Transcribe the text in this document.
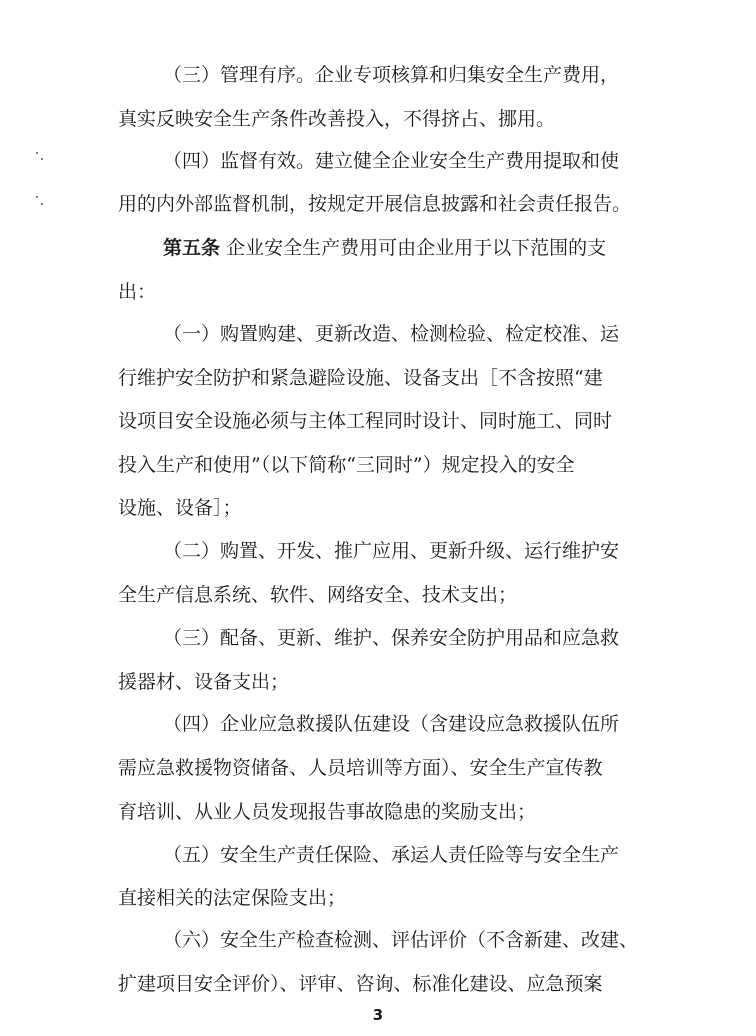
（三）管理有序。企业专项核算和归集安全生产费用，
真实反映安全生产条件改善投入，不得挤占、挪用。
（四）监督有效。建立健全企业安全生产费用提取和使
用的内外部监督机制，按规定开展信息披露和社会责任报告。
第五条 企业安全生产费用可由企业用于以下范围的支
出：
（一）购置购建、更新改造、检测检验、检定校准、运
行维护安全防护和紧急避险设施、设备支出［不含按照“建
设项目安全设施必须与主体工程同时设计、同时施工、同时
投入生产和使用”（以下简称“三同时”）规定投入的安全
设施、设备］；
（二）购置、开发、推广应用、更新升级、运行维护安
全生产信息系统、软件、网络安全、技术支出；
（三）配备、更新、维护、保养安全防护用品和应急救
援器材、设备支出；
（四）企业应急救援队伍建设（含建设应急救援队伍所
需应急救援物资储备、人员培训等方面）、安全生产宣传教
育培训、从业人员发现报告事故隐患的奖励支出；
（五）安全生产责任保险、承运人责任险等与安全生产
直接相关的法定保险支出；
（六）安全生产检查检测、评估评价（不含新建、改建、
扩建项目安全评价）、评审、咨询、标准化建设、应急预案
3
